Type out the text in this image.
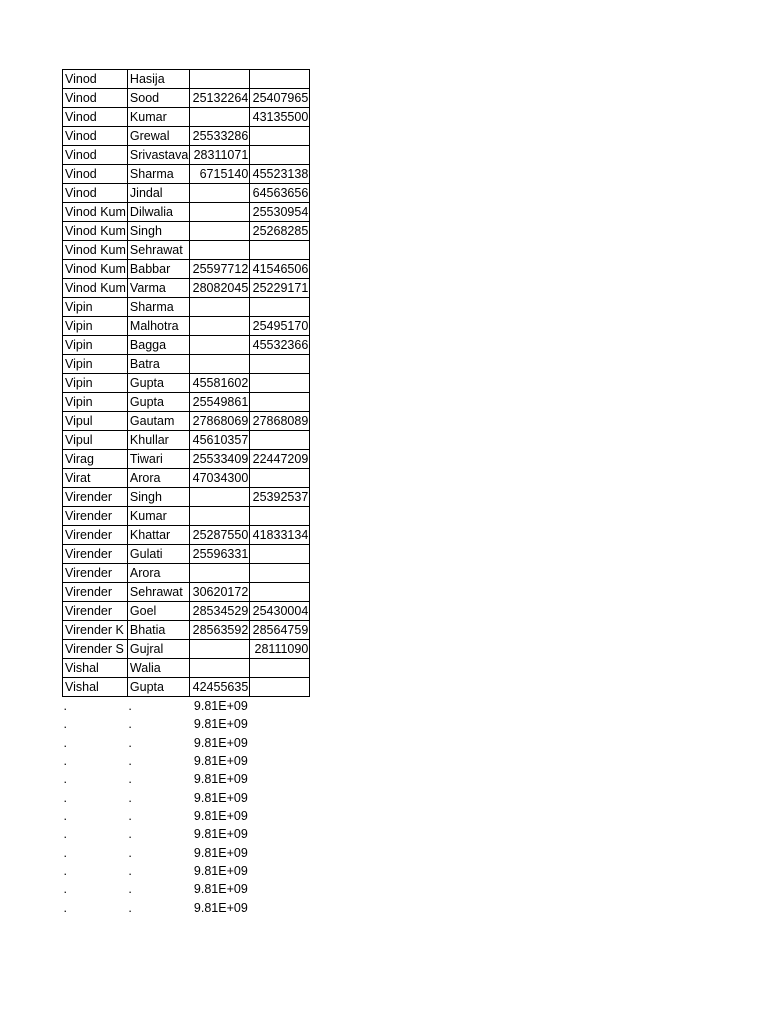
Vinod	Hasija		
Vinod	Sood	25132264	25407965
Vinod	Kumar		43135500
Vinod	Grewal	25533286	
Vinod	Srivastava	28311071	
Vinod	Sharma	6715140	45523138
Vinod	Jindal		64563656
Vinod Kum	Dilwalia		25530954
Vinod Kum	Singh		25268285
Vinod Kum	Sehrawat		
Vinod Kum	Babbar	25597712	41546506
Vinod Kum	Varma	28082045	25229171
Vipin	Sharma		
Vipin	Malhotra		25495170
Vipin	Bagga		45532366
Vipin	Batra		
Vipin	Gupta	45581602	
Vipin	Gupta	25549861	
Vipul	Gautam	27868069	27868089
Vipul	Khullar	45610357	
Virag	Tiwari	25533409	22447209
Virat	Arora	47034300	
Virender	Singh		25392537
Virender	Kumar		
Virender	Khattar	25287550	41833134
Virender	Gulati	25596331	
Virender	Arora		
Virender	Sehrawat	30620172	
Virender	Goel	28534529	25430004
Virender K	Bhatia	28563592	28564759
Virender S	Gujral		28111090
Vishal	Walia		
Vishal	Gupta	42455635	
.	.	9.81E+09	
.	.	9.81E+09	
.	.	9.81E+09	
.	.	9.81E+09	
.	.	9.81E+09	
.	.	9.81E+09	
.	.	9.81E+09	
.	.	9.81E+09	
.	.	9.81E+09	
.	.	9.81E+09	
.	.	9.81E+09	
.	.	9.81E+09	
